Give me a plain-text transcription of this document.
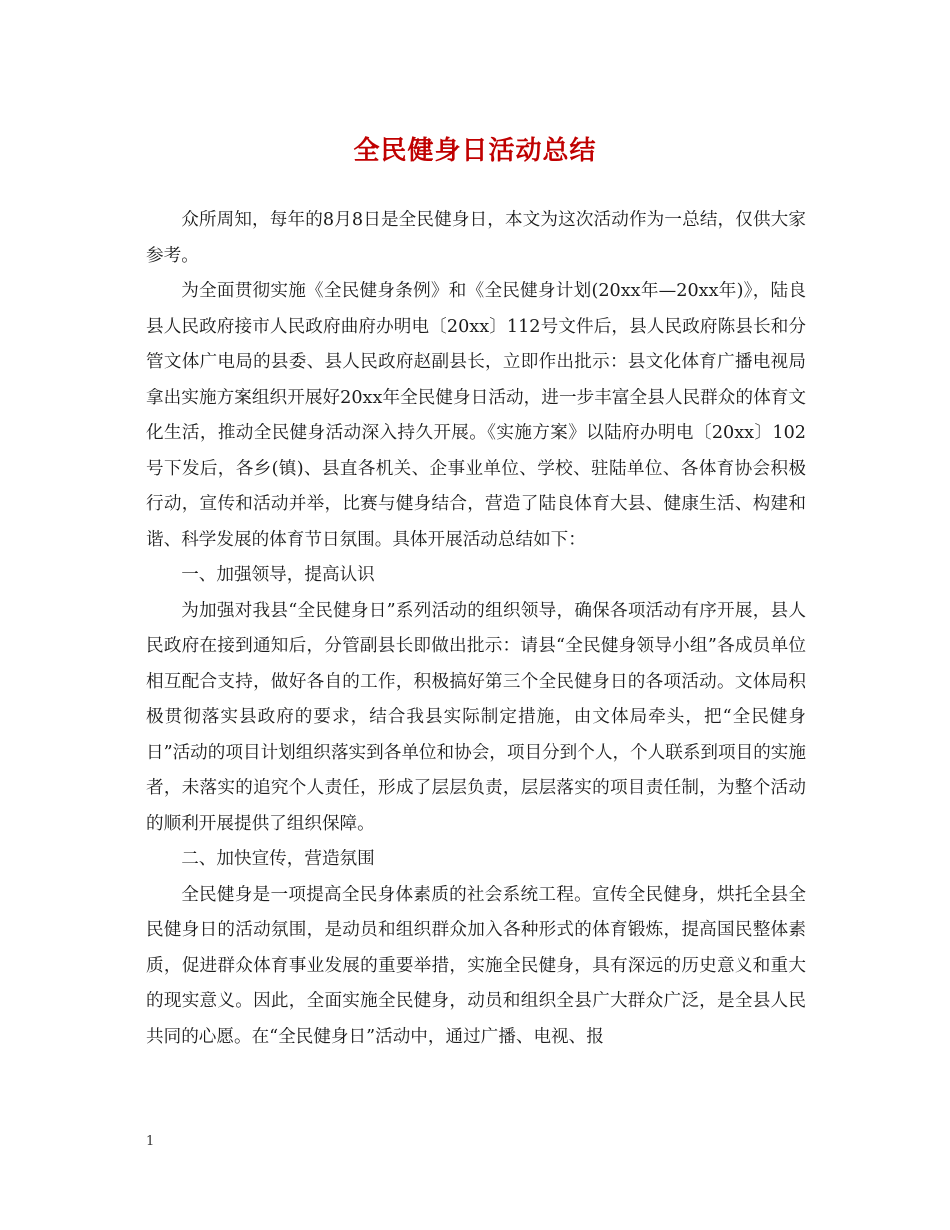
全民健身日活动总结

众所周知，每年的8月8日是全民健身日，本文为这次活动作为一总结，仅供大家参考。

为全面贯彻实施《全民健身条例》和《全民健身计划(20xx年—20xx年)》，陆良县人民政府接市人民政府曲府办明电〔20xx〕112号文件后，县人民政府陈县长和分管文体广电局的县委、县人民政府赵副县长，立即作出批示：县文化体育广播电视局拿出实施方案组织开展好20xx年全民健身日活动，进一步丰富全县人民群众的体育文化生活，推动全民健身活动深入持久开展。《实施方案》以陆府办明电〔20xx〕102号下发后，各乡(镇)、县直各机关、企事业单位、学校、驻陆单位、各体育协会积极行动，宣传和活动并举，比赛与健身结合，营造了陆良体育大县、健康生活、构建和谐、科学发展的体育节日氛围。具体开展活动总结如下：

一、加强领导，提高认识

为加强对我县“全民健身日”系列活动的组织领导，确保各项活动有序开展，县人民政府在接到通知后，分管副县长即做出批示：请县“全民健身领导小组”各成员单位相互配合支持，做好各自的工作，积极搞好第三个全民健身日的各项活动。文体局积极贯彻落实县政府的要求，结合我县实际制定措施，由文体局牵头，把“全民健身日”活动的项目计划组织落实到各单位和协会，项目分到个人，个人联系到项目的实施者，未落实的追究个人责任，形成了层层负责，层层落实的项目责任制，为整个活动的顺利开展提供了组织保障。

二、加快宣传，营造氛围

全民健身是一项提高全民身体素质的社会系统工程。宣传全民健身，烘托全县全民健身日的活动氛围，是动员和组织群众加入各种形式的体育锻炼，提高国民整体素质，促进群众体育事业发展的重要举措，实施全民健身，具有深远的历史意义和重大的现实意义。因此，全面实施全民健身，动员和组织全县广大群众广泛，是全县人民共同的心愿。在“全民健身日”活动中，通过广播、电视、报

1
